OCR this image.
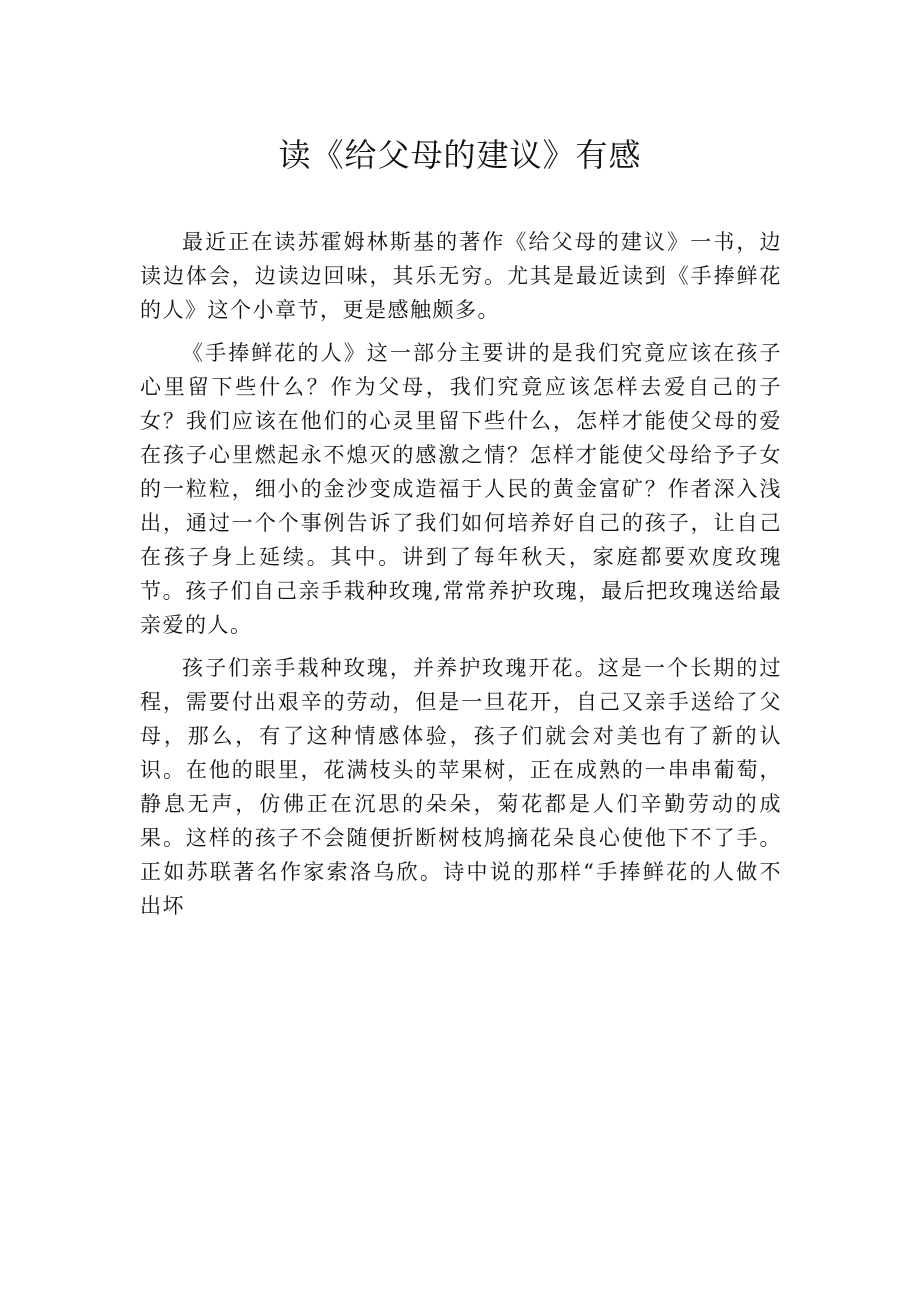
读《给父母的建议》有感

最近正在读苏霍姆林斯基的著作《给父母的建议》一书，边读边体会，边读边回味，其乐无穷。尤其是最近读到《手捧鲜花的人》这个小章节，更是感触颇多。

《手捧鲜花的人》这一部分主要讲的是我们究竟应该在孩子心里留下些什么？作为父母，我们究竟应该怎样去爱自己的子女？我们应该在他们的心灵里留下些什么，怎样才能使父母的爱在孩子心里燃起永不熄灭的感激之情？怎样才能使父母给予子女的一粒粒，细小的金沙变成造福于人民的黄金富矿？作者深入浅出，通过一个个事例告诉了我们如何培养好自己的孩子，让自己在孩子身上延续。其中。讲到了每年秋天，家庭都要欢度玫瑰节。孩子们自己亲手栽种玫瑰,常常养护玫瑰，最后把玫瑰送给最亲爱的人。

孩子们亲手栽种玫瑰，并养护玫瑰开花。这是一个长期的过程，需要付出艰辛的劳动，但是一旦花开，自己又亲手送给了父母，那么，有了这种情感体验，孩子们就会对美也有了新的认识。在他的眼里，花满枝头的苹果树，正在成熟的一串串葡萄，静息无声，仿佛正在沉思的朵朵，菊花都是人们辛勤劳动的成果。这样的孩子不会随便折断树枝鸠摘花朵良心使他下不了手。正如苏联著名作家索洛乌欣。诗中说的那样“手捧鲜花的人做不出坏
